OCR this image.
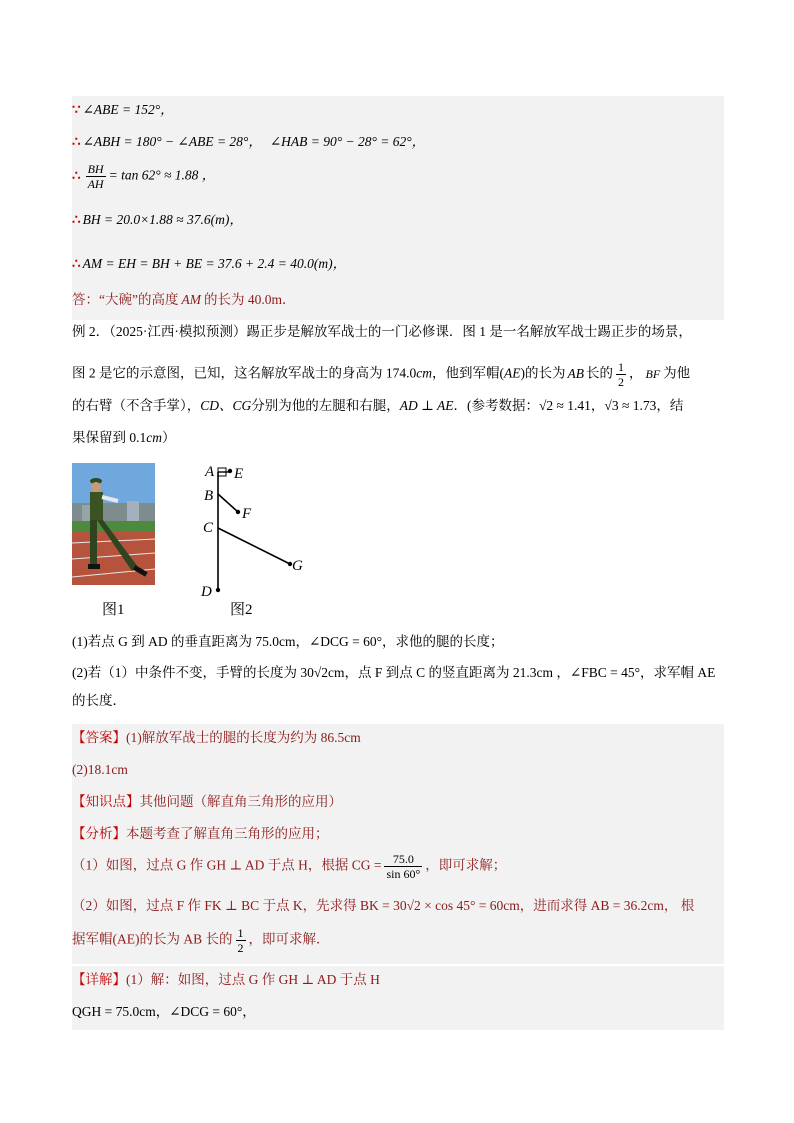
∵ ∠ABE = 152°，
∴ ∠ABH = 180° − ∠ABE = 28°， ∠HAB = 90° − 28° = 62°，
∴ $\frac{BH}{AH} = \tan 62^\circ \approx 1.88$ ，
∴ BH = 20.0×1.88 ≈ 37.6(m)，
∴ AM = EH = BH + BE = 37.6 + 2.4 = 40.0(m)，
答：“大碗”的高度 AM 的长为 40.0m．
例 2．（2025·江西·模拟预测）踢正步是解放军战士的一门必修课．图 1 是一名解放军战士踢正步的场景，
图 2 是它的示意图，已知，这名解放军战士的身高为 174.0cm，他到军帽(AE)的长为 AB 长的 $\frac{1}{2}$ ， BF 为他
的右臂（不含手掌），CD、CG分别为他的左腿和右腿，AD ⊥ AE．(参考数据：√2 ≈ 1.41，√3 ≈ 1.73，结
果保留到 0.1cm）
A E
B
F
C
G
D
图1	图2
(1)若点 G 到 AD 的垂直距离为 75.0cm，∠DCG = 60°，求他的腿的长度；
(2)若（1）中条件不变，手臂的长度为 30√2cm，点 F 到点 C 的竖直距离为 21.3cm ，∠FBC = 45°，求军帽 AE
的长度．
【答案】(1)解放军战士的腿的长度为约为 86.5cm
(2)18.1cm
【知识点】其他问题（解直角三角形的应用）
【分析】本题考查了解直角三角形的应用；
（1）如图，过点 G 作 GH ⊥ AD 于点 H，根据 CG = $\frac{75.0}{\sin 60^\circ}$ ，即可求解；
（2）如图，过点 F 作 FK ⊥ BC 于点 K，先求得 BK = 30√2 × cos 45° = 60cm，进而求得 AB = 36.2cm， 根
据军帽(AE)的长为 AB 长的 $\frac{1}{2}$ ，即可求解．
【详解】(1）解：如图，过点 G 作 GH ⊥ AD 于点 H
QGH = 75.0cm，∠DCG = 60°，
